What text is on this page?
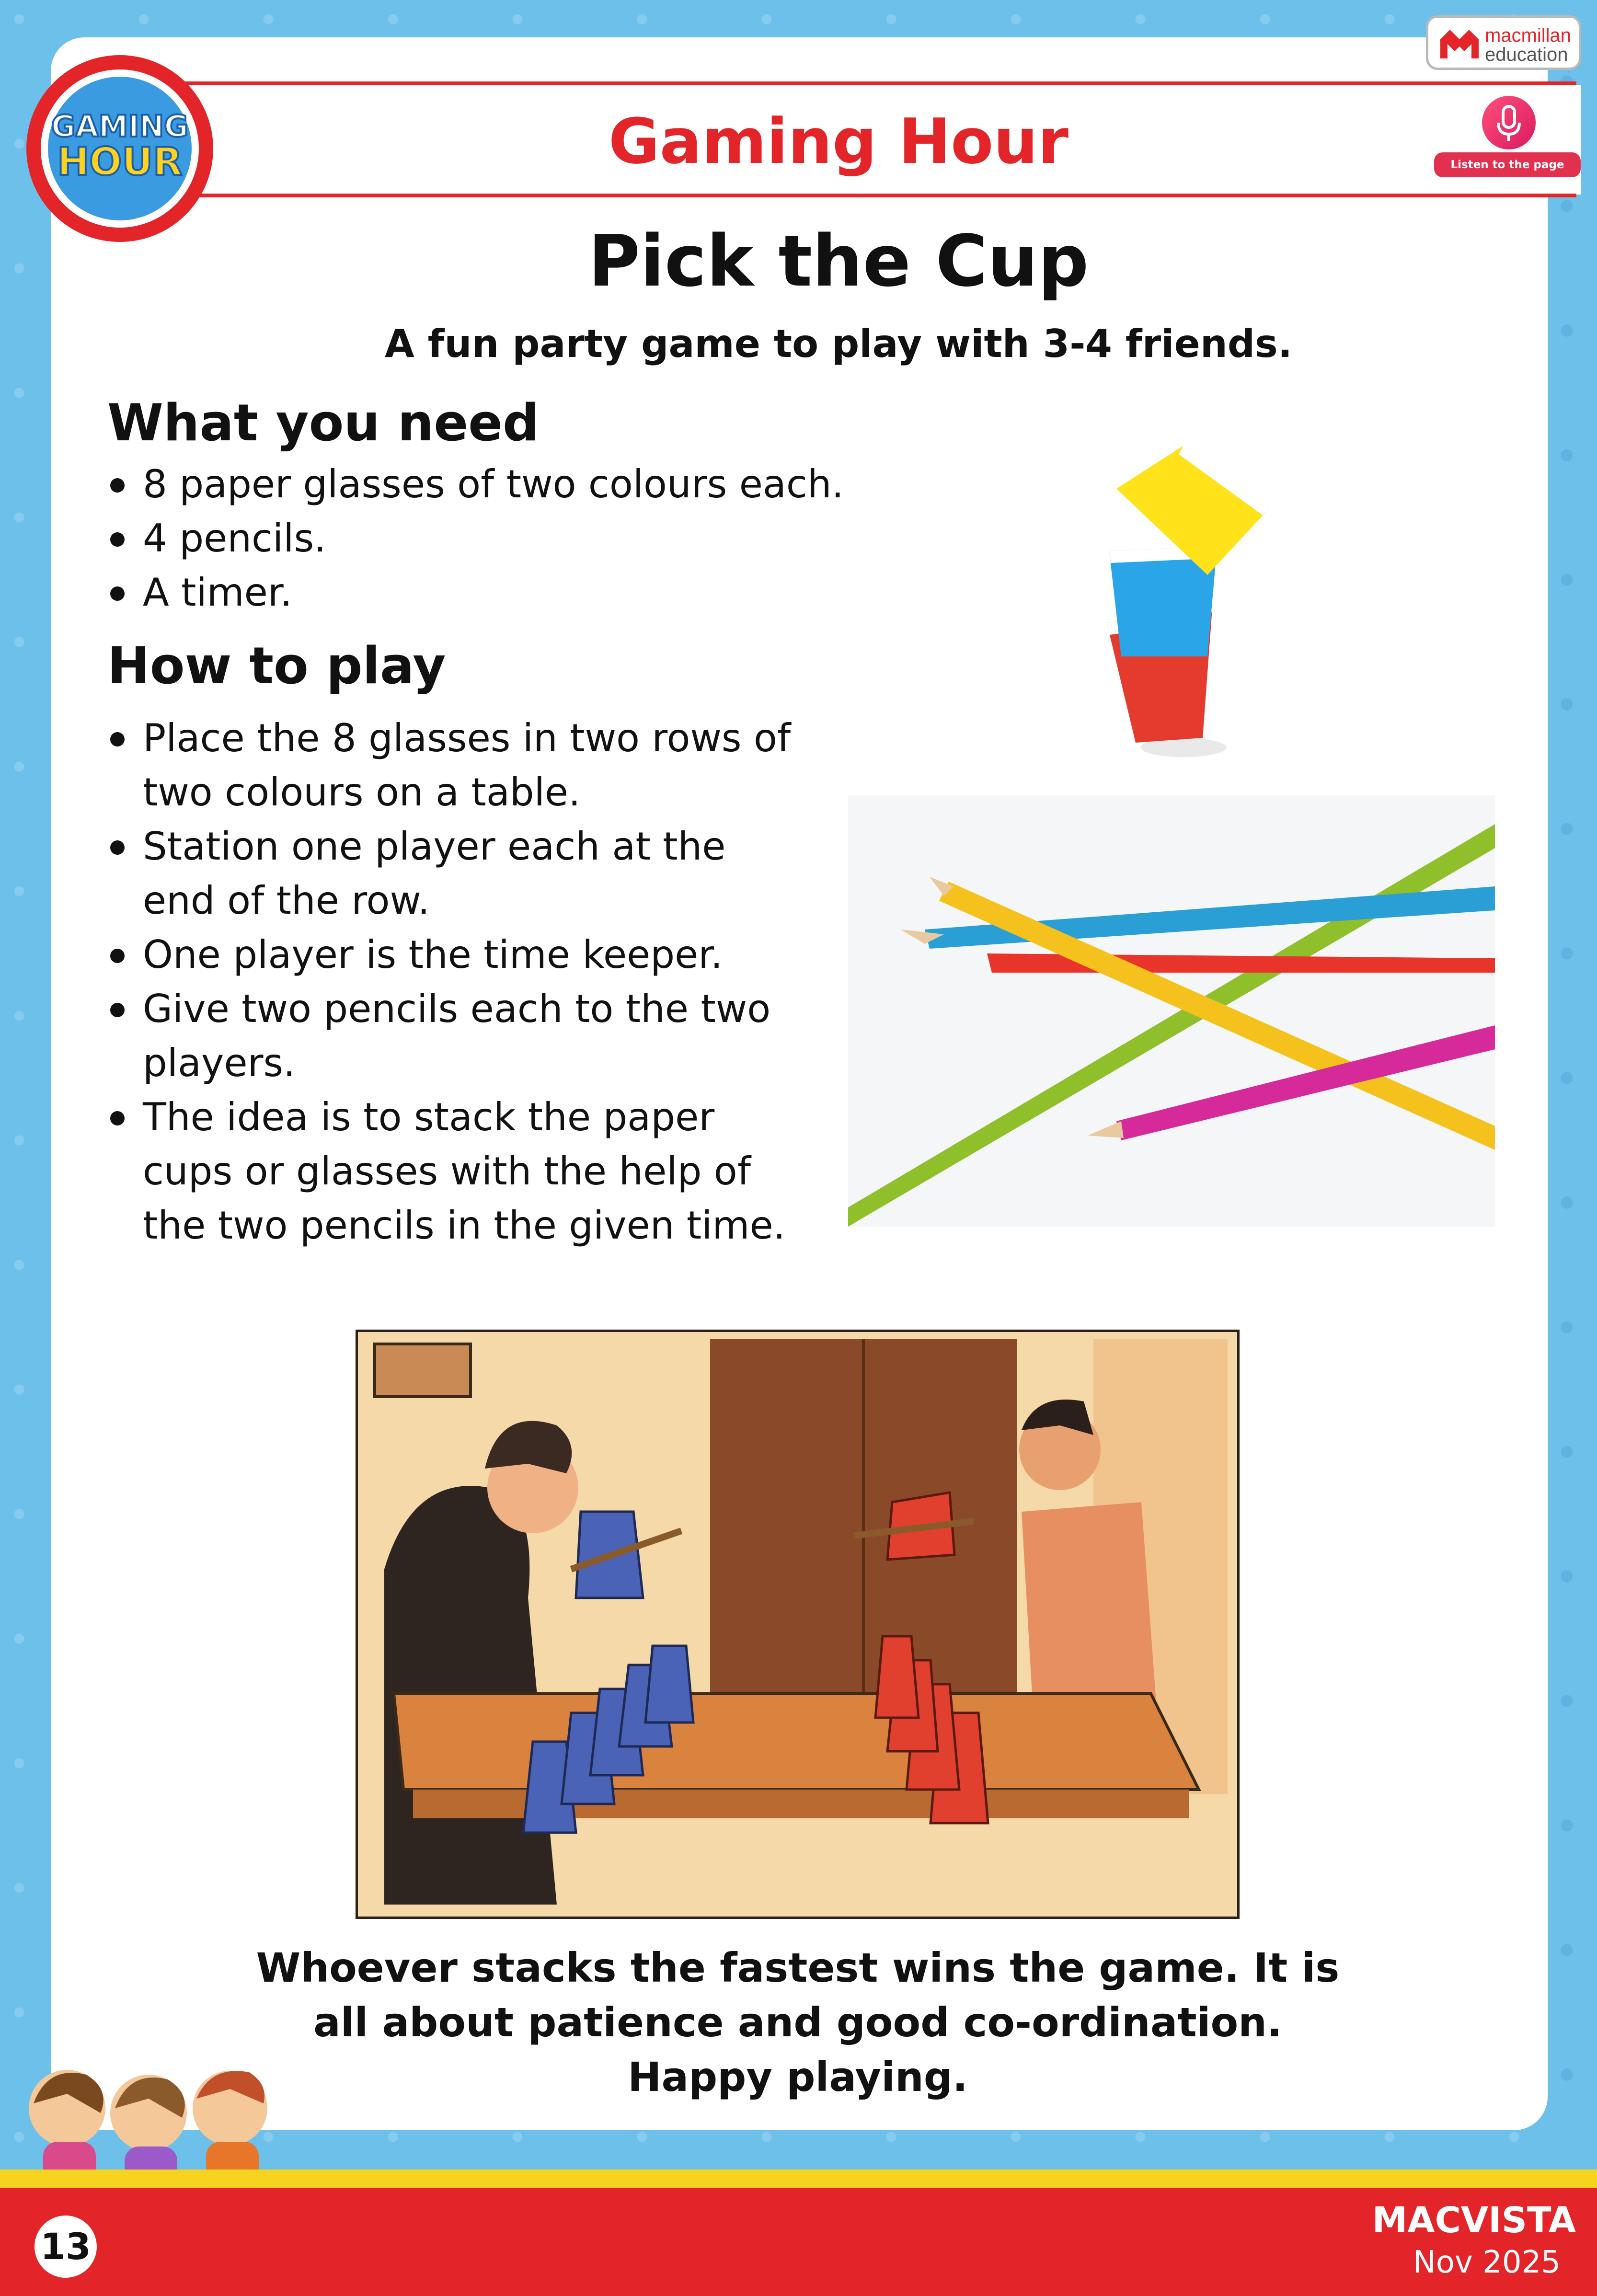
Gaming Hour
GAMING
HOUR
macmillan
education
Listen to the page audio
Pick the Cup
A fun party game to play with 3-4 friends.
What you need
8 paper glasses of two colours each.
4 pencils.
A timer.
How to play
Place the 8 glasses in two rows of two colours on a table.
Station one player each at the end of the row.
One player is the time keeper.
Give two pencils each to the two players.
The idea is to stack the paper cups or glasses with the help of the two pencils in the given time.
Whoever stacks the fastest wins the game. It is all about patience and good co-ordination. Happy playing.
13
MACVISTA
Nov 2025
